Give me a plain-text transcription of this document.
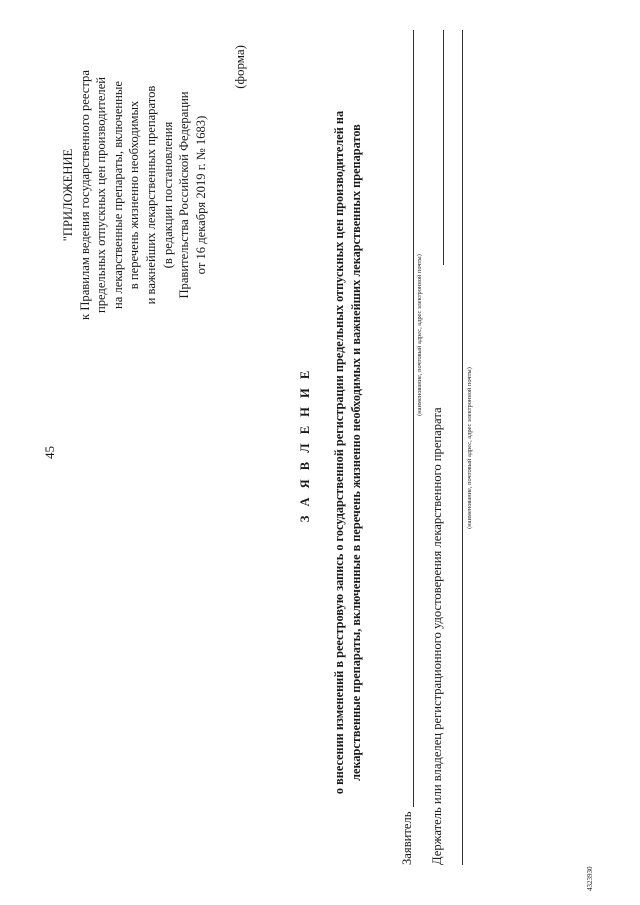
45
"ПРИЛОЖЕНИЕ к Правилам ведения государственного реестра предельных отпускных цен производителей на лекарственные препараты, включенные в перечень жизненно необходимых и важнейших лекарственных препаратов (в редакции постановления Правительства Российской Федерации от 16 декабря 2019 г. № 1683)
(форма)
З А Я В Л Е Н И Е о внесении изменений в реестровую запись о государственной регистрации предельных отпускных цен производителей на лекарственные препараты, включенные в перечень жизненно необходимых и важнейших лекарственных препаратов
Заявитель
(наименование, почтовый адрес, адрес электронной почты)
Держатель или владелец регистрационного удостоверения лекарственного препарата	(наименование, почтовый адрес, адрес электронной почты)
4323930
